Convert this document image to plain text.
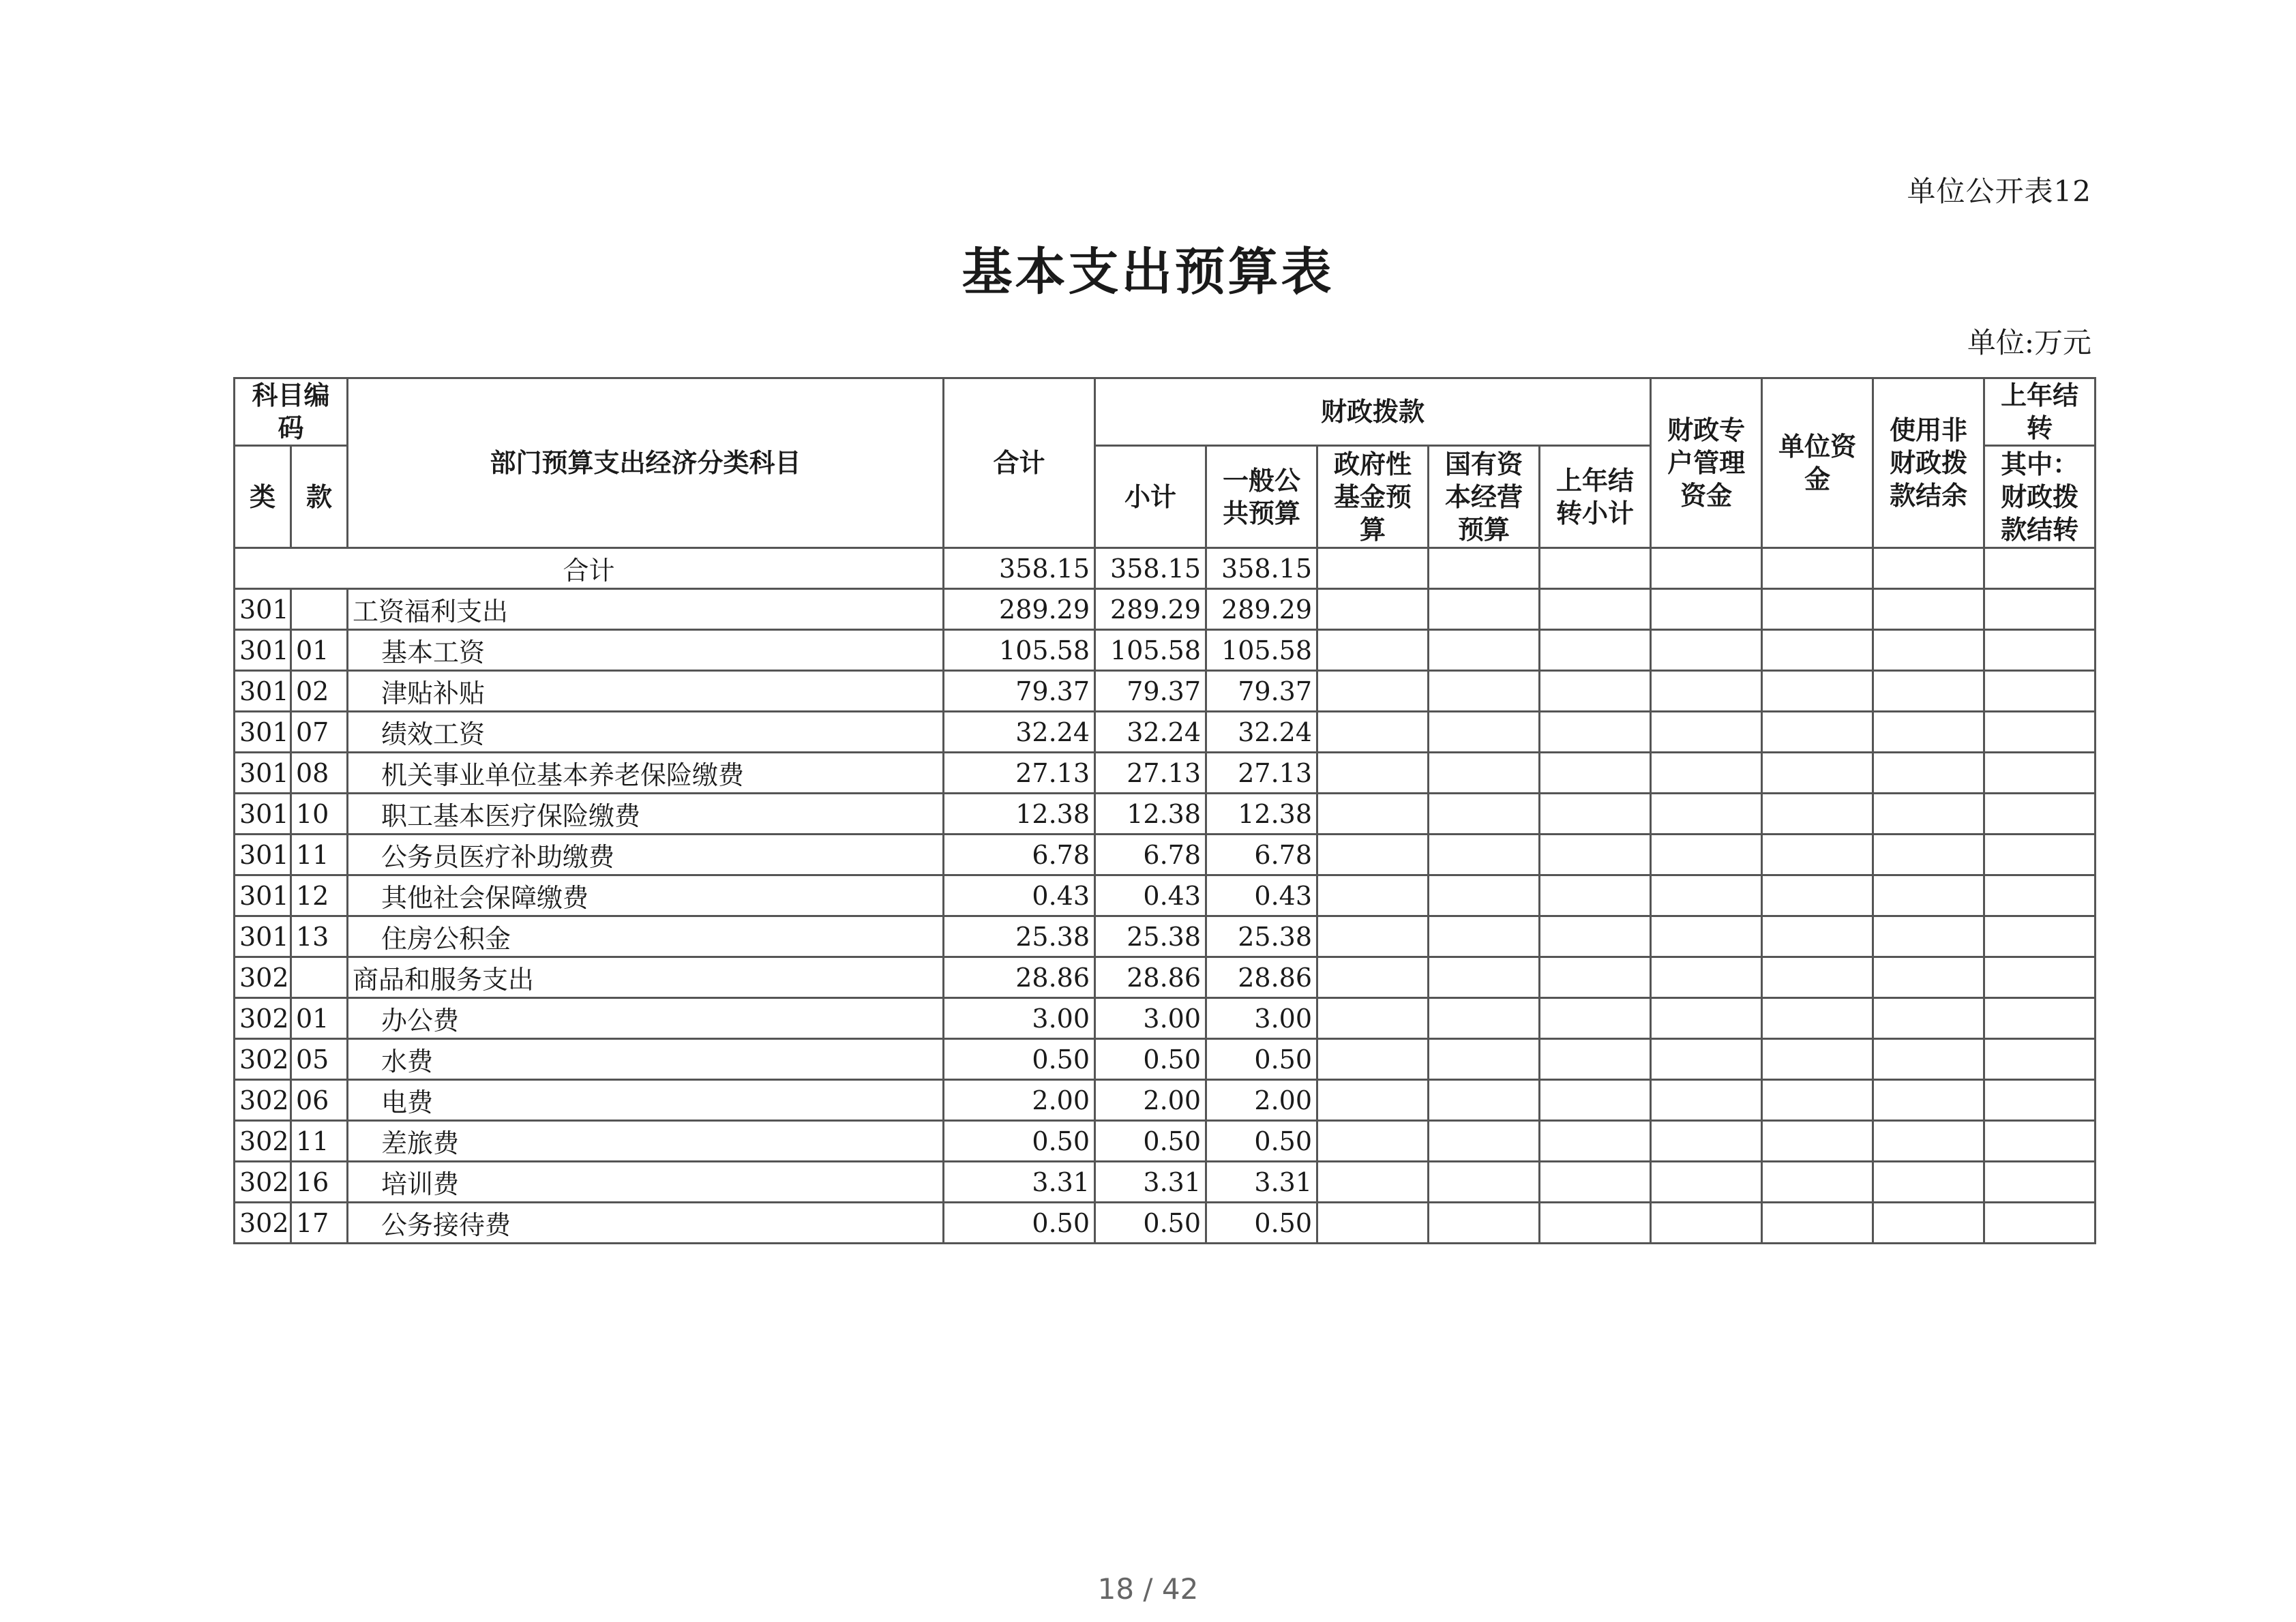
单位公开表12
基本支出预算表
单位:万元
科目编码		部门预算支出经济分类科目	合计	财政拨款					财政专户管理资金	单位资金	使用非财政拨款结余	上年结转
类	款			小计	一般公共预算	政府性基金预算	国有资本经营预算	上年结转小计				其中：财政拨款结转
合计			358.15	358.15	358.15							
301		工资福利支出	289.29	289.29	289.29							
301	01	基本工资	105.58	105.58	105.58							
301	02	津贴补贴	79.37	79.37	79.37							
301	07	绩效工资	32.24	32.24	32.24							
301	08	机关事业单位基本养老保险缴费	27.13	27.13	27.13							
301	10	职工基本医疗保险缴费	12.38	12.38	12.38							
301	11	公务员医疗补助缴费	6.78	6.78	6.78							
301	12	其他社会保障缴费	0.43	0.43	0.43							
301	13	住房公积金	25.38	25.38	25.38							
302		商品和服务支出	28.86	28.86	28.86							
302	01	办公费	3.00	3.00	3.00							
302	05	水费	0.50	0.50	0.50							
302	06	电费	2.00	2.00	2.00							
302	11	差旅费	0.50	0.50	0.50							
302	16	培训费	3.31	3.31	3.31							
302	17	公务接待费	0.50	0.50	0.50							
18 / 42
